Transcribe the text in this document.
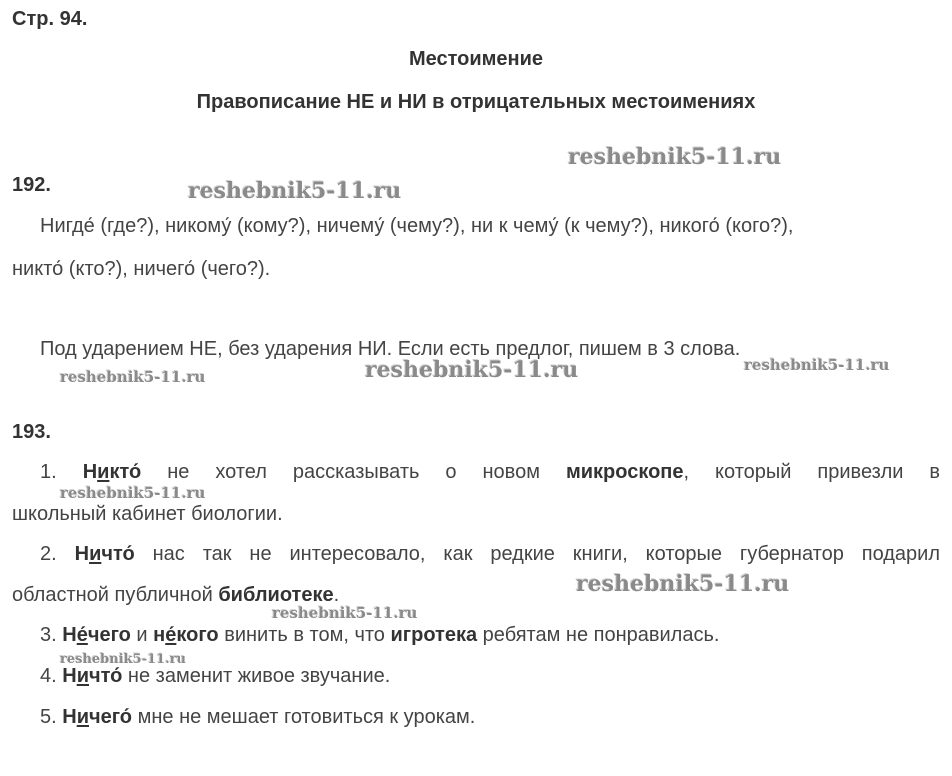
Стр. 94.
Местоимение
Правописание НЕ и НИ в отрицательных местоимениях
192.
Нигде́ (где?), никому́ (кому?), ничему́ (чему?), ни к чему́ (к чему?), никого́ (кого?),
никто́ (кто?), ничего́ (чего?).
Под ударением НЕ, без ударения НИ. Если есть предлог, пишем в 3 слова.
193.
1. Никто́ не хотел рассказывать о новом микроскопе, который привезли в
школьный кабинет биологии.
2. Ничто́ нас так не интересовало, как редкие книги, которые губернатор подарил
областной публичной библиотеке.
3. Не́чего и не́кого винить в том, что игротека ребятам не понравилась.
4. Ничто́ не заменит живое звучание.
5. Ничего́ мне не мешает готовиться к урокам.
reshebnik5-11.ru
reshebnik5-11.ru
reshebnik5-11.ru	reshebnik5-11.ru	reshebnik5-11.ru
reshebnik5-11.ru
reshebnik5-11.ru
reshebnik5-11.ru
reshebnik5-11.ru
